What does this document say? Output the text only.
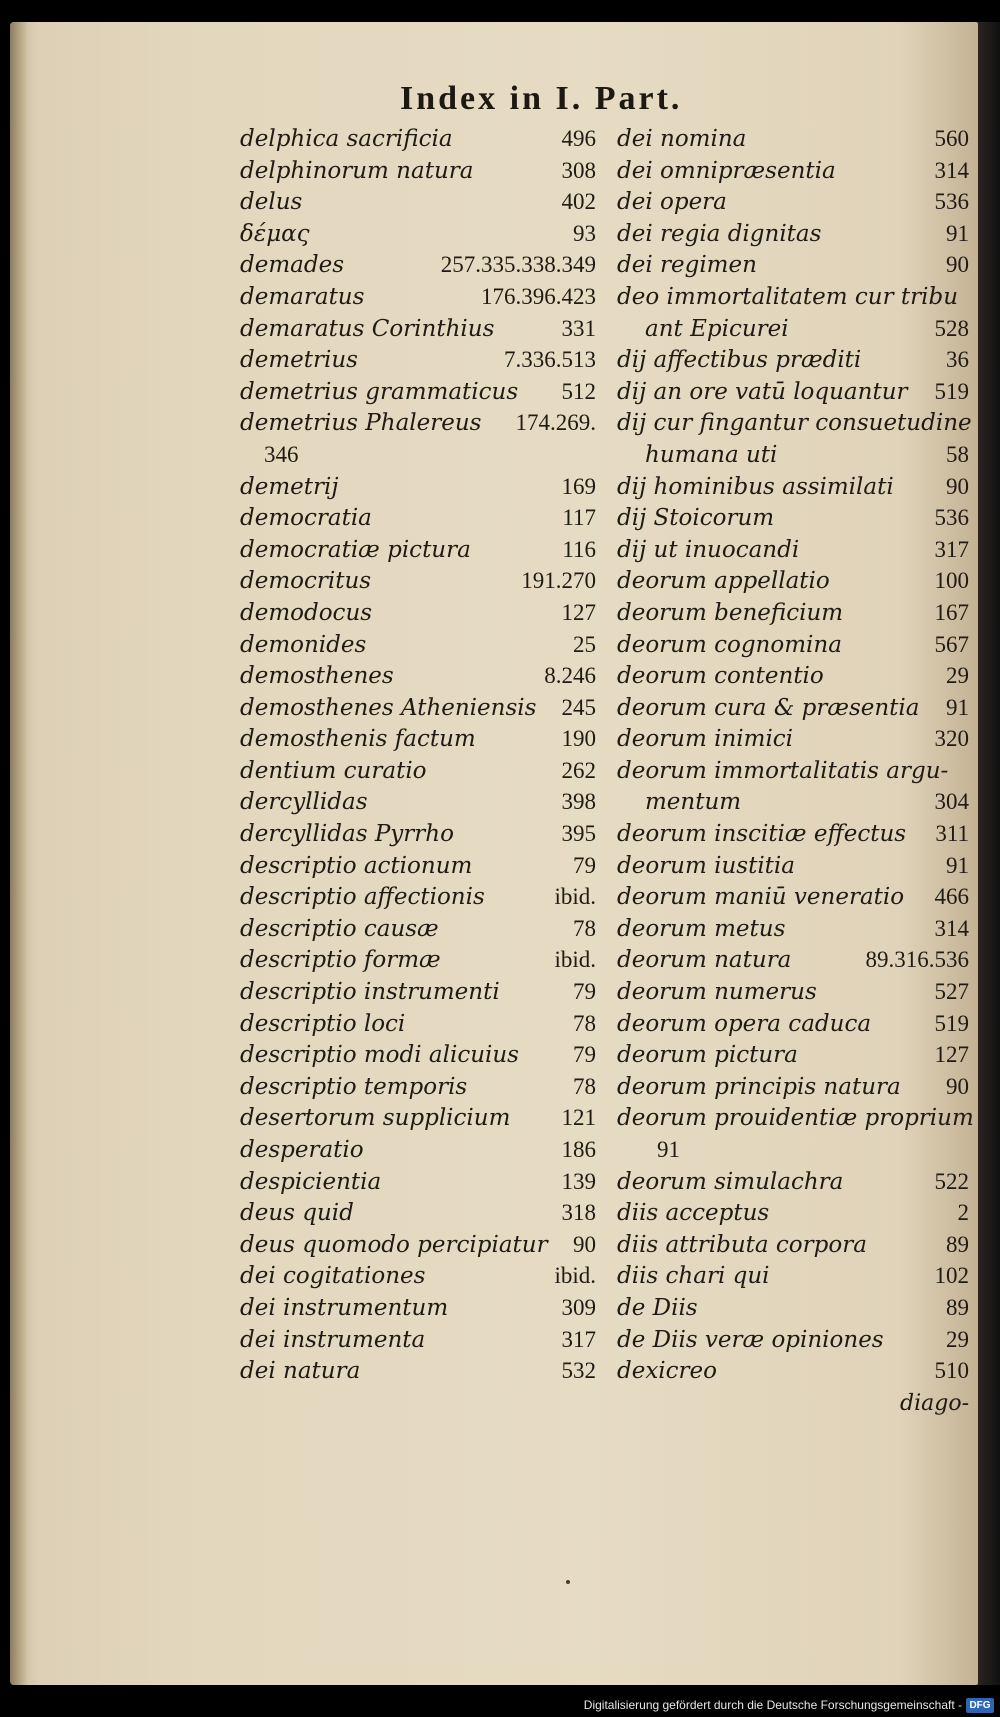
Index in I. Part.
delphica sacrificia	496
delphinorum natura	308
delus	402
δέμας	93
demades	257.335.338.349
demaratus	176.396.423
demaratus Corinthius	331
demetrius	7.336.513
demetrius grammaticus 512
demetrius Phalereus 174.269.
346
demetrij	169
democratia	117
democratiæ pictura	116
democritus	191.270
demodocus	127
demonides	25
demosthenes	8.246
demosthenes Atheniensis 245
demosthenis factum	190
dentium curatio	262
dercyllidas	398
dercyllidas Pyrrho	395
descriptio actionum	79
descriptio affectionis	ibid.
descriptio causæ	78
descriptio formæ	ibid.
descriptio instrumenti	79
descriptio loci	78
descriptio modi alicuius 79
descriptio temporis	78
desertorum supplicium 121
desperatio	186
despicientia	139
deus quid	318
deus quomodo percipiatur 90
dei cogitationes	ibid.
dei instrumentum	309
dei instrumenta	317
dei natura	532
dei nomina	560
dei omnipræsentia	314
dei opera	536
dei regia dignitas	91
dei regimen	90
deo immortalitatem cur tribu
ant Epicurei	528
dij affectibus præditi	36
dij an ore vatū loquantur 519
dij cur fingantur consuetudine
humana uti	58
dij hominibus assimilati 90
dij Stoicorum	536
dij ut inuocandi	317
deorum appellatio	100
deorum beneficium	167
deorum cognomina	567
deorum contentio	29
deorum cura & præsentia 91
deorum inimici	320
deorum immortalitatis argu-
mentum	304
deorum inscitiæ effectus 311
deorum iustitia	91
deorum maniū veneratio 466
deorum metus	314
deorum natura	89.316.536
deorum numerus	527
deorum opera caduca	519
deorum pictura	127
deorum principis natura 90
deorum prouidentiæ proprium
91
deorum simulachra	522
diis acceptus	2
diis attributa corpora	89
diis chari qui	102
de Diis	89
de Diis veræ opiniones	29
dexicreo	510
diago-
Digitalisierung gefördert durch die Deutsche Forschungsgemeinschaft - DFG
